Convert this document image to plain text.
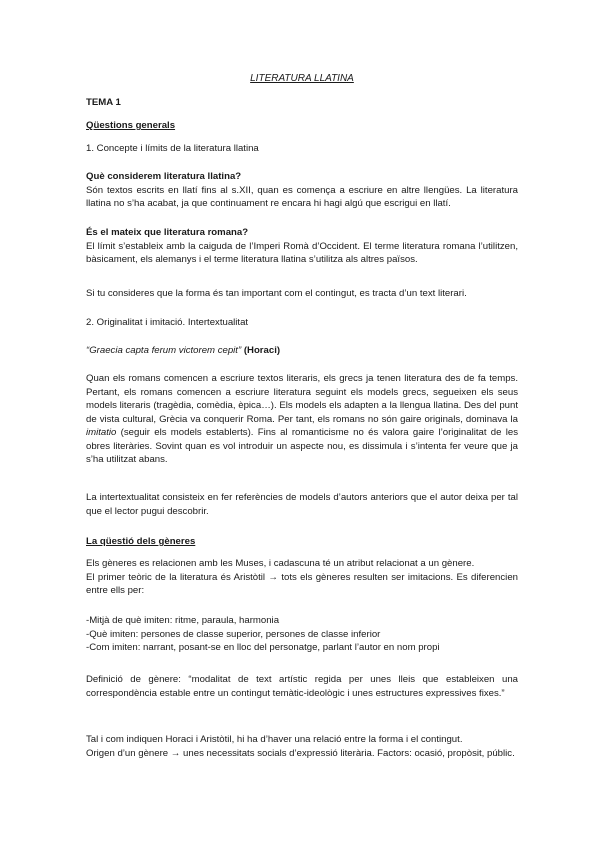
LITERATURA LLATINA

TEMA 1

Qüestions generals

1. Concepte i límits de la literatura llatina

Què considerem literatura llatina?
Són textos escrits en llatí fins al s.XII, quan es comença a escriure en altre llengües. La literatura llatina no s’ha acabat, ja que continuament re encara hi hagi algú que escrigui en llatí.
És el mateix que literatura romana?
El límit s’estableix amb la caiguda de l’Imperi Romà d’Occident. El terme literatura romana l’utilitzen, bàsicament, els alemanys i el terme literatura llatina s’utilitza als altres països.

Si tu consideres que la forma és tan important com el contingut, es tracta d’un text literari.

2. Originalitat i imitació. Intertextualitat

“Graecia capta ferum victorem cepit” (Horaci)

Quan els romans comencen a escriure textos literaris, els grecs ja tenen literatura des de fa temps. Pertant, els romans comencen a escriure literatura seguint els models grecs, segueixen els seus models literaris (tragèdia, comèdia, èpica…). Els models els adapten a la llengua llatina. Des del punt de vista cultural, Grècia va conquerir Roma. Per tant, els romans no són gaire originals, dominava la imitatio (seguir els models establerts). Fins al romanticisme no és valora gaire l’originalitat de les obres literàries. Sovint quan es vol introduir un aspecte nou, es dissimula i s’intenta fer veure que ja s’ha utilitzat abans.

La intertextualitat consisteix en fer referències de models d’autors anteriors que el autor deixa per tal que el lector pugui descobrir.

La qüestió dels gèneres

Els gèneres es relacionen amb les Muses, i cadascuna té un atribut relacionat a un gènere.
El primer teòric de la literatura és Aristòtil → tots els gèneres resulten ser imitacions. Es diferencien entre ells per:
-Mitjà de què imiten: ritme, paraula, harmonia
-Què imiten: persones de classe superior, persones de classe inferior
-Com imiten: narrant, posant-se en lloc del personatge, parlant l’autor en nom propi

Definició de gènere: “modalitat de text artístic regida per unes lleis que estableixen una correspondència estable entre un contingut temàtic-ideològic i unes estructures expressives fixes.”

Tal i com indiquen Horaci i Aristòtil, hi ha d’haver una relació entre la forma i el contingut.
Origen d’un gènere → unes necessitats socials d’expressió literària. Factors: ocasió, propòsit, públic.
